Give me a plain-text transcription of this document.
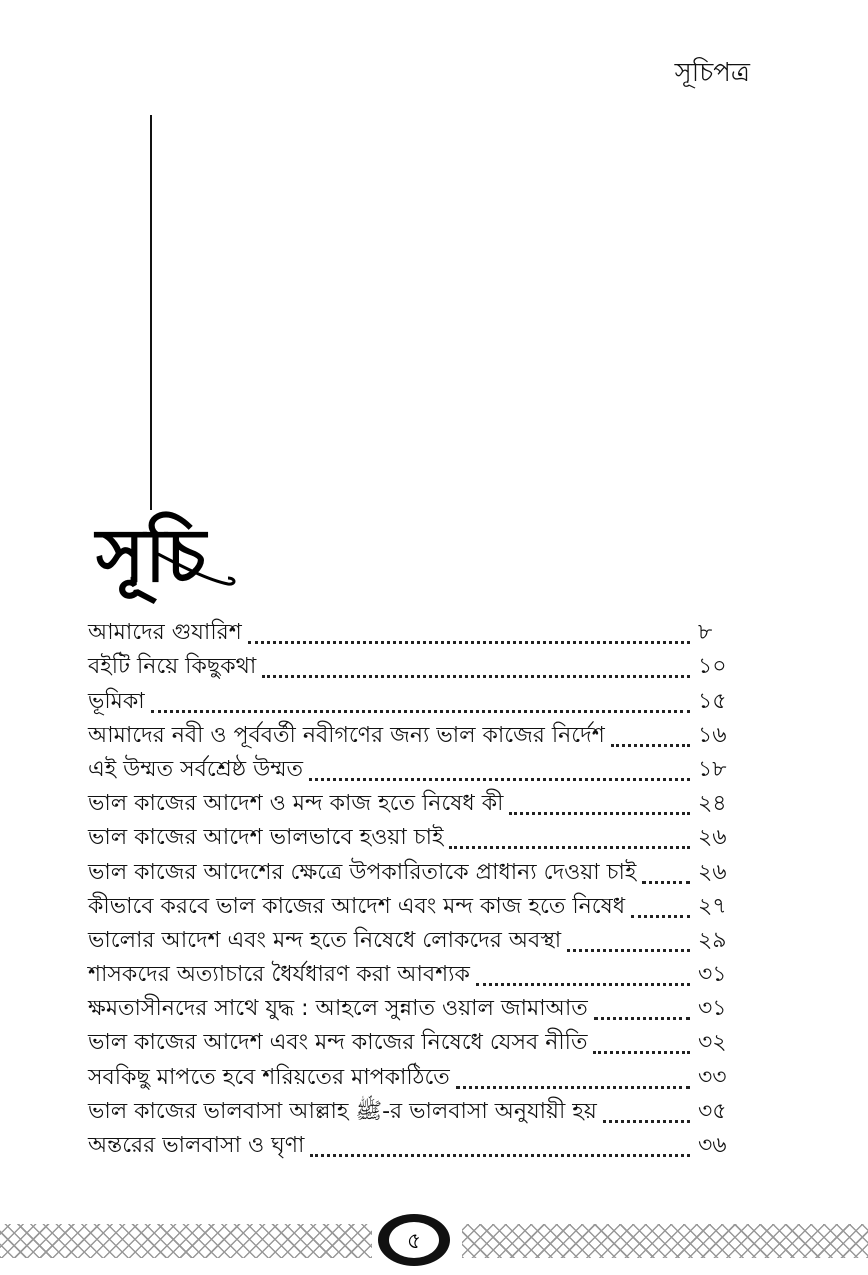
সূচিপত্র
সূচি
আমাদের গুযারিশ	৮
বইটি নিয়ে কিছুকথা	১০
ভূমিকা	১৫
আমাদের নবী ও পূর্ববর্তী নবীগণের জন্য ভাল কাজের নির্দেশ	১৬
এই উম্মত সর্বশ্রেষ্ঠ উম্মত	১৮
ভাল কাজের আদেশ ও মন্দ কাজ হতে নিষেধ কী	২৪
ভাল কাজের আদেশ ভালভাবে হওয়া চাই	২৬
ভাল কাজের আদেশের ক্ষেত্রে উপকারিতাকে প্রাধান্য দেওয়া চাই	২৬
কীভাবে করবে ভাল কাজের আদেশ এবং মন্দ কাজ হতে নিষেধ	২৭
ভালোর আদেশ এবং মন্দ হতে নিষেধে লোকদের অবস্থা	২৯
শাসকদের অত্যাচারে ধৈর্যধারণ করা আবশ্যক	৩১
ক্ষমতাসীনদের সাথে যুদ্ধ : আহলে সুন্নাত ওয়াল জামাআত	৩১
ভাল কাজের আদেশ এবং মন্দ কাজের নিষেধে যেসব নীতি	৩২
সবকিছু মাপতে হবে শরিয়তের মাপকাঠিতে	৩৩
ভাল কাজের ভালবাসা আল্লাহ ﷺ-র ভালবাসা অনুযায়ী হয়	৩৫
অন্তরের ভালবাসা ও ঘৃণা	৩৬
৫
